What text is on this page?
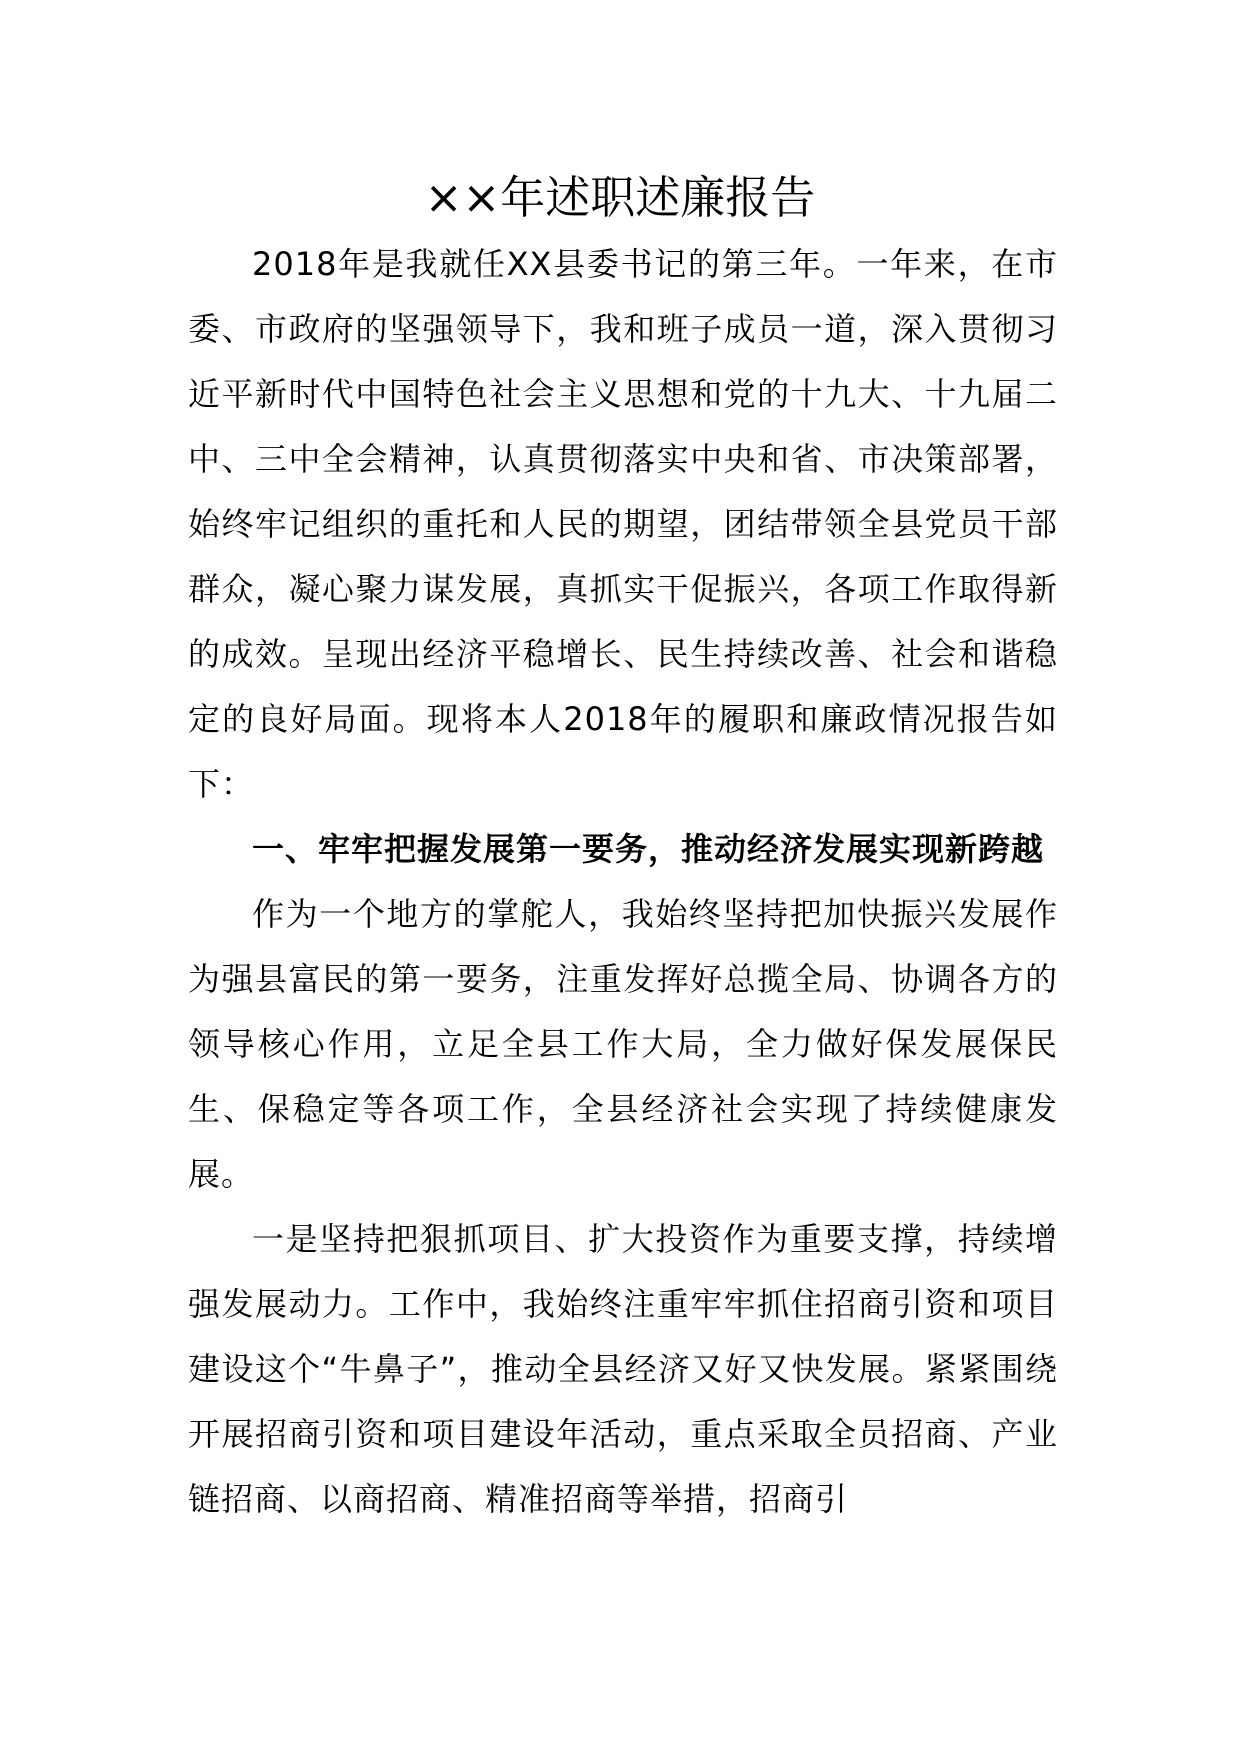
××年述职述廉报告

2018年是我就任XX县委书记的第三年。一年来，在市委、市政府的坚强领导下，我和班子成员一道，深入贯彻习近平新时代中国特色社会主义思想和党的十九大、十九届二中、三中全会精神，认真贯彻落实中央和省、市决策部署，始终牢记组织的重托和人民的期望，团结带领全县党员干部群众，凝心聚力谋发展，真抓实干促振兴，各项工作取得新的成效。呈现出经济平稳增长、民生持续改善、社会和谐稳定的良好局面。现将本人2018年的履职和廉政情况报告如下：

一、牢牢把握发展第一要务，推动经济发展实现新跨越

作为一个地方的掌舵人，我始终坚持把加快振兴发展作为强县富民的第一要务，注重发挥好总揽全局、协调各方的领导核心作用，立足全县工作大局，全力做好保发展保民生、保稳定等各项工作，全县经济社会实现了持续健康发展。

一是坚持把狠抓项目、扩大投资作为重要支撑，持续增强发展动力。工作中，我始终注重牢牢抓住招商引资和项目建设这个“牛鼻子”，推动全县经济又好又快发展。紧紧围绕开展招商引资和项目建设年活动，重点采取全员招商、产业链招商、以商招商、精准招商等举措，招商引
